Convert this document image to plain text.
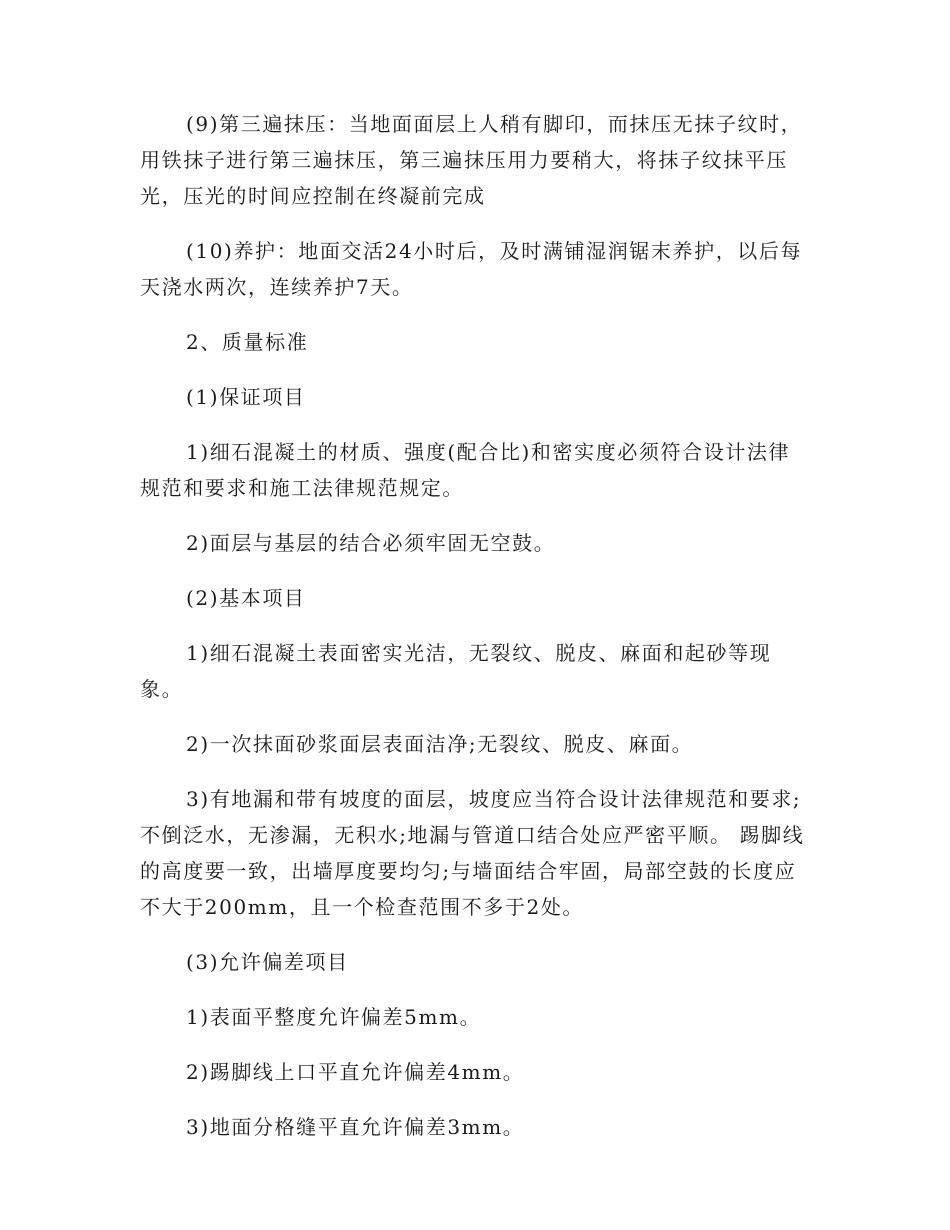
(9)第三遍抹压：当地面面层上人稍有脚印，而抹压无抹子纹时，用铁抹子进行第三遍抹压，第三遍抹压用力要稍大，将抹子纹抹平压光，压光的时间应控制在终凝前完成

(10)养护：地面交活24小时后，及时满铺湿润锯末养护，以后每天浇水两次，连续养护7天。

2、质量标准

(1)保证项目

1)细石混凝土的材质、强度(配合比)和密实度必须符合设计法律规范和要求和施工法律规范规定。

2)面层与基层的结合必须牢固无空鼓。

(2)基本项目

1)细石混凝土表面密实光洁，无裂纹、脱皮、麻面和起砂等现象。

2)一次抹面砂浆面层表面洁净;无裂纹、脱皮、麻面。

3)有地漏和带有坡度的面层，坡度应当符合设计法律规范和要求;不倒泛水，无渗漏，无积水;地漏与管道口结合处应严密平顺。 踢脚线的高度要一致，出墙厚度要均匀;与墙面结合牢固，局部空鼓的长度应不大于200mm，且一个检查范围不多于2处。

(3)允许偏差项目

1)表面平整度允许偏差5mm。

2)踢脚线上口平直允许偏差4mm。

3)地面分格缝平直允许偏差3mm。
